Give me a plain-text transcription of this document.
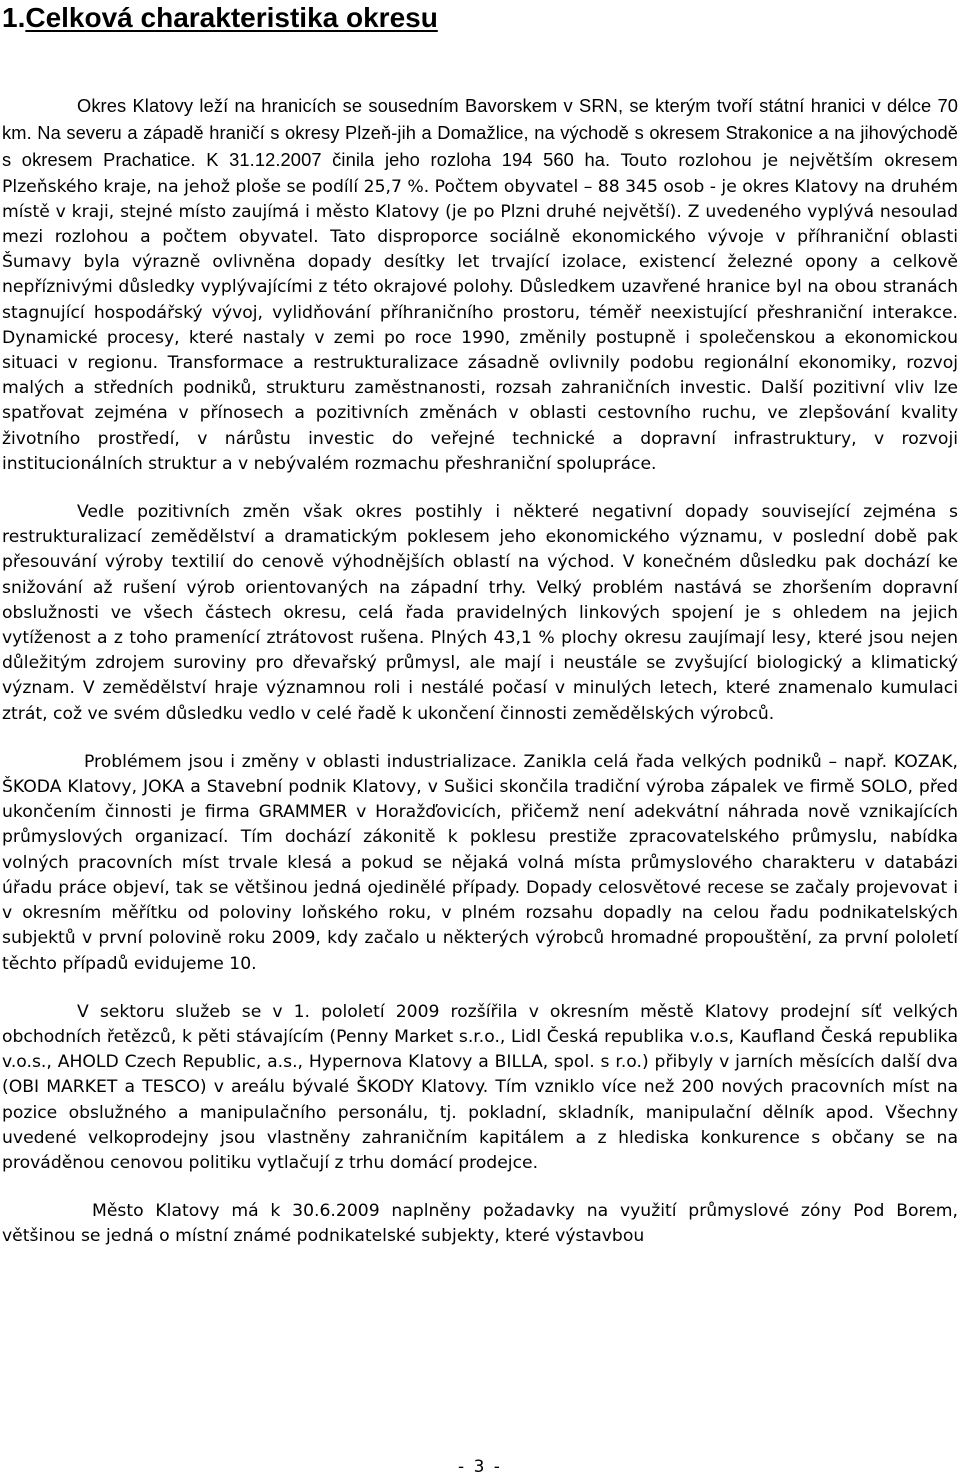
1.Celková charakteristika okresu

Okres Klatovy leží na hranicích se sousedním Bavorskem v SRN, se kterým tvoří státní hranici v délce 70 km. Na severu a západě hraničí s okresy Plzeň-jih a Domažlice, na východě s okresem Strakonice a na jihovýchodě s okresem Prachatice. K 31.12.2007 činila jeho rozloha 194 560 ha. Touto rozlohou je největším okresem Plzeňského kraje, na jehož ploše se podílí 25,7 %. Počtem obyvatel – 88 345 osob - je okres Klatovy na druhém místě v kraji, stejné místo zaujímá i město Klatovy (je po Plzni druhé největší). Z uvedeného vyplývá nesoulad mezi rozlohou a počtem obyvatel. Tato disproporce sociálně ekonomického vývoje v příhraniční oblasti Šumavy byla výrazně ovlivněna dopady desítky let trvající izolace, existencí železné opony a celkově nepříznivými důsledky vyplývajícími z této okrajové polohy. Důsledkem uzavřené hranice byl na obou stranách stagnující hospodářský vývoj, vylidňování příhraničního prostoru, téměř neexistující přeshraniční interakce. Dynamické procesy, které nastaly v zemi po roce 1990, změnily postupně i společenskou a ekonomickou situaci v regionu. Transformace a restrukturalizace zásadně ovlivnily podobu regionální ekonomiky, rozvoj malých a středních podniků, strukturu zaměstnanosti, rozsah zahraničních investic. Další pozitivní vliv lze spatřovat zejména v přínosech a pozitivních změnách v oblasti cestovního ruchu, ve zlepšování kvality životního prostředí, v nárůstu investic do veřejné technické a dopravní infrastruktury, v rozvoji institucionálních struktur a v nebývalém rozmachu přeshraniční spolupráce.

Vedle pozitivních změn však okres postihly i některé negativní dopady související zejména s restrukturalizací zemědělství a dramatickým poklesem jeho ekonomického významu, v poslední době pak přesouvání výroby textilií do cenově výhodnějších oblastí na východ. V konečném důsledku pak dochází ke snižování až rušení výrob orientovaných na západní trhy. Velký problém nastává se zhoršením dopravní obslužnosti ve všech částech okresu, celá řada pravidelných linkových spojení je s ohledem na jejich vytíženost a z toho pramenící ztrátovost rušena. Plných 43,1 % plochy okresu zaujímají lesy, které jsou nejen důležitým zdrojem suroviny pro dřevařský průmysl, ale mají i neustále se zvyšující biologický a klimatický význam. V zemědělství hraje významnou roli i nestálé počasí v minulých letech, které znamenalo kumulaci ztrát, což ve svém důsledku vedlo v celé řadě k ukončení činnosti zemědělských výrobců.

Problémem jsou i změny v oblasti industrializace. Zanikla celá řada velkých podniků – např. KOZAK, ŠKODA Klatovy, JOKA a Stavební podnik Klatovy, v Sušici skončila tradiční výroba zápalek ve firmě SOLO, před ukončením činnosti je firma GRAMMER v Horažďovicích, přičemž není adekvátní náhrada nově vznikajících průmyslových organizací. Tím dochází zákonitě k poklesu prestiže zpracovatelského průmyslu, nabídka volných pracovních míst trvale klesá a pokud se nějaká volná místa průmyslového charakteru v databázi úřadu práce objeví, tak se většinou jedná ojedinělé případy. Dopady celosvětové recese se začaly projevovat i v okresním měřítku od poloviny loňského roku, v plném rozsahu dopadly na celou řadu podnikatelských subjektů v první polovině roku 2009, kdy začalo u některých výrobců hromadné propouštění, za první pololetí těchto případů evidujeme 10.

V sektoru služeb se v 1. pololetí 2009 rozšířila v okresním městě Klatovy prodejní síť velkých obchodních řetězců, k pěti stávajícím (Penny Market s.r.o., Lidl Česká republika v.o.s, Kaufland Česká republika v.o.s., AHOLD Czech Republic, a.s., Hypernova Klatovy a BILLA, spol. s r.o.) přibyly v jarních měsících další dva (OBI MARKET a TESCO) v areálu bývalé ŠKODY Klatovy. Tím vzniklo více než 200 nových pracovních míst na pozice obslužného a manipulačního personálu, tj. pokladní, skladník, manipulační dělník apod. Všechny uvedené velkoprodejny jsou vlastněny zahraničním kapitálem a z hlediska konkurence s občany se na prováděnou cenovou politiku vytlačují z trhu domácí prodejce.

Město Klatovy má k 30.6.2009 naplněny požadavky na využití průmyslové zóny Pod Borem, většinou se jedná o místní známé podnikatelské subjekty, které výstavbou

- 3 -
